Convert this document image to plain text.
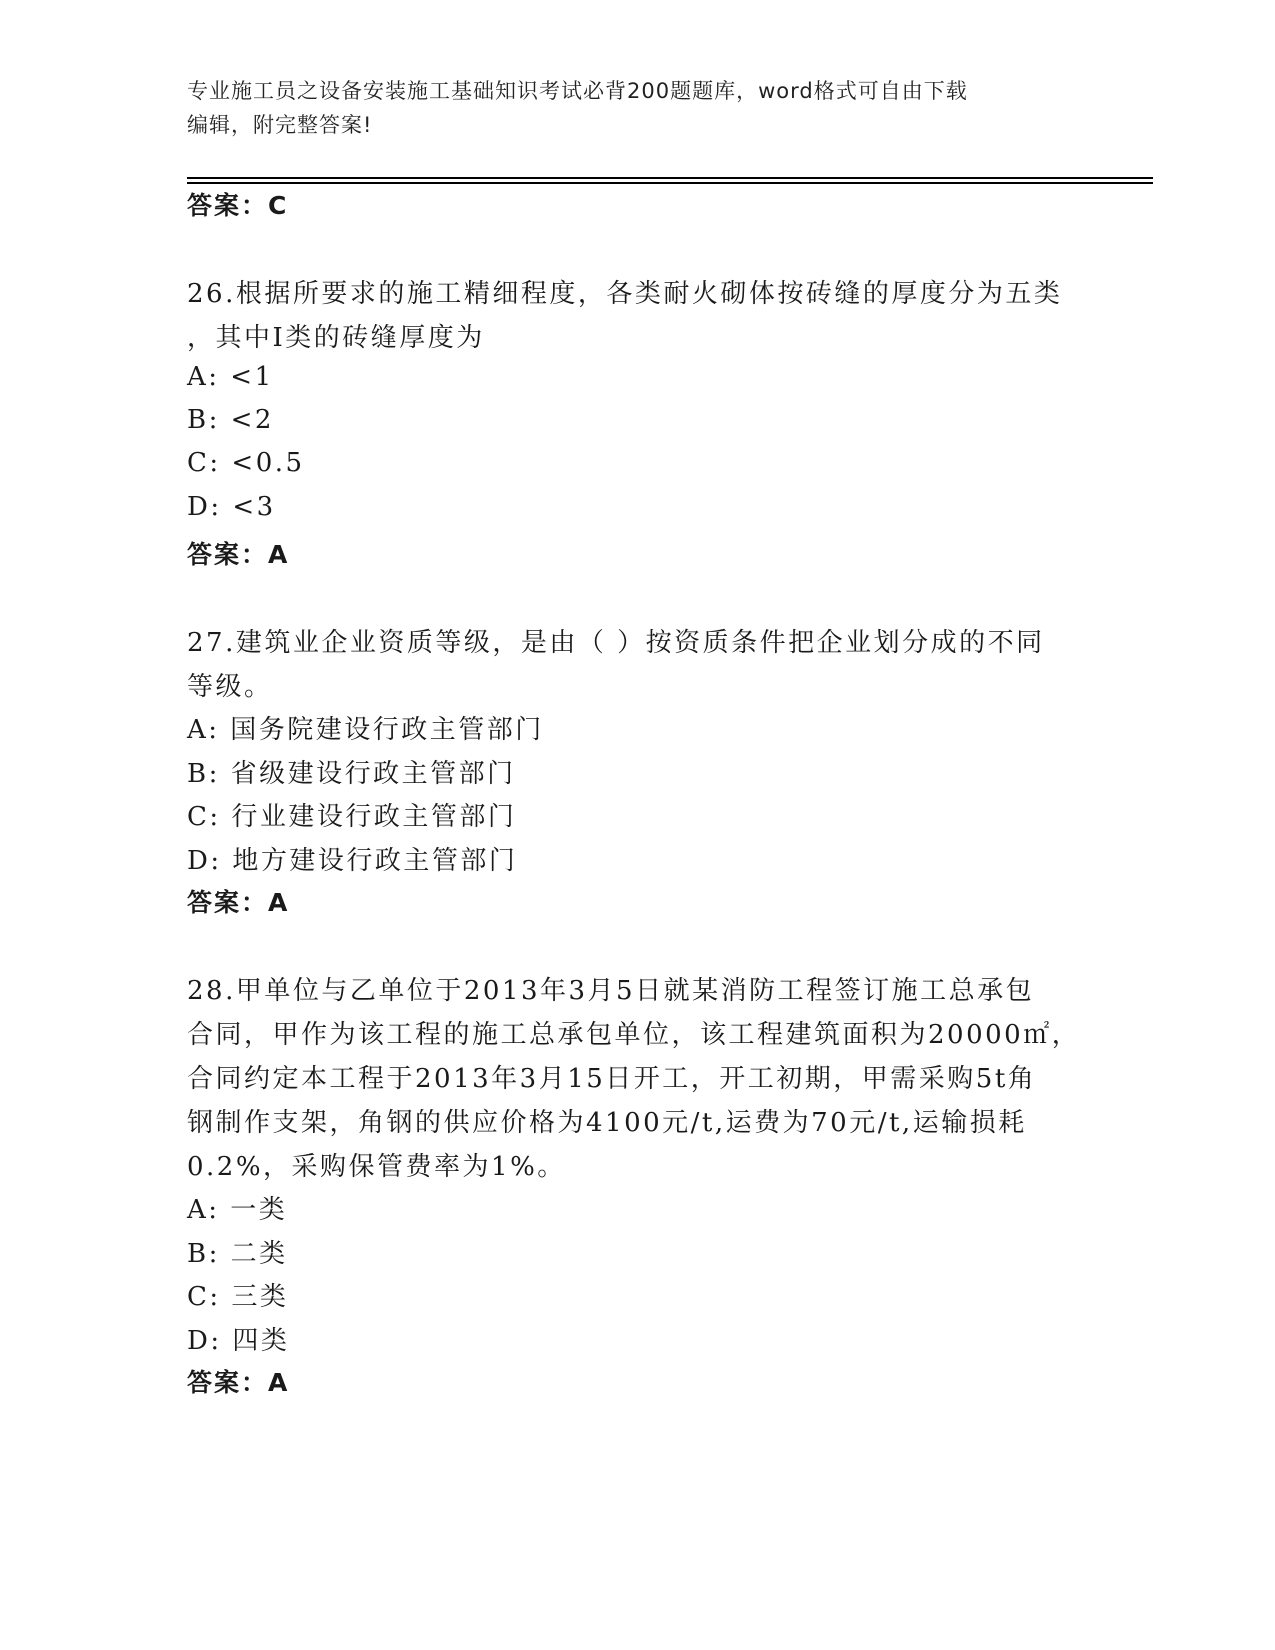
专业施工员之设备安装施工基础知识考试必背200题题库，word格式可自由下载
编辑，附完整答案!
答案：C
26.根据所要求的施工精细程度，各类耐火砌体按砖缝的厚度分为五类
，其中Ⅰ类的砖缝厚度为
A: <1
B: <2
C: <0.5
D: <3
答案：A
27.建筑业企业资质等级，是由（ ）按资质条件把企业划分成的不同
等级。
A: 国务院建设行政主管部门
B: 省级建设行政主管部门
C: 行业建设行政主管部门
D: 地方建设行政主管部门
答案：A
28.甲单位与乙单位于2013年3月5日就某消防工程签订施工总承包
合同，甲作为该工程的施工总承包单位，该工程建筑面积为20000㎡，
合同约定本工程于2013年3月15日开工，开工初期，甲需采购5t角
钢制作支架，角钢的供应价格为4100元/t,运费为70元/t,运输损耗
0.2%，采购保管费率为1%。
A: 一类
B: 二类
C: 三类
D: 四类
答案：A
